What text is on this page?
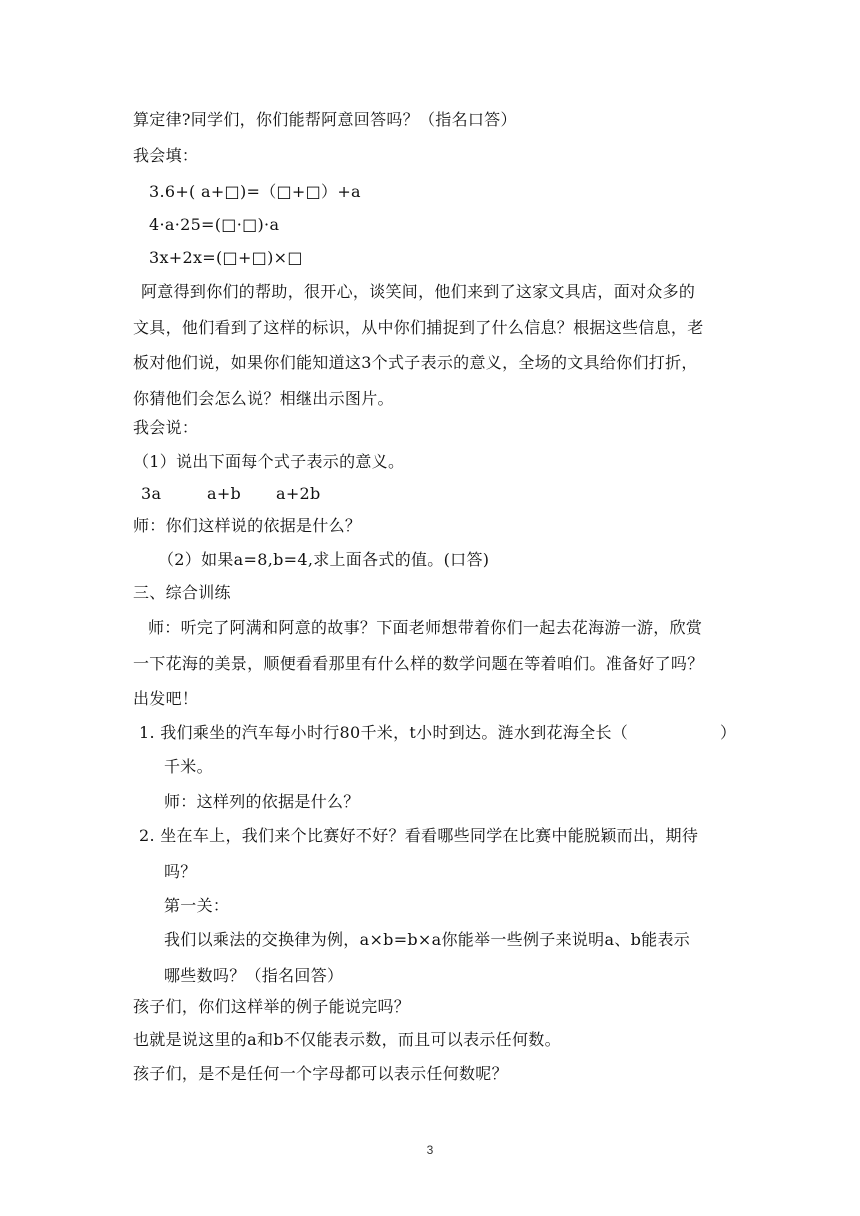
算定律?同学们，你们能帮阿意回答吗？（指名口答）
我会填：
3.6+( a+□)=（□+□）+a
4·a·25=(□·□)·a
3x+2x=(□+□)×□
阿意得到你们的帮助，很开心，谈笑间，他们来到了这家文具店，面对众多的
文具，他们看到了这样的标识，从中你们捕捉到了什么信息？根据这些信息，老
板对他们说，如果你们能知道这3个式子表示的意义，全场的文具给你们打折，
你猜他们会怎么说？相继出示图片。
我会说：
（1）说出下面每个式子表示的意义。
3a	a+b a+2b
师：你们这样说的依据是什么？
（2）如果a=8,b=4,求上面各式的值。(口答)
三、综合训练
师：听完了阿满和阿意的故事？下面老师想带着你们一起去花海游一游，欣赏
一下花海的美景，顺便看看那里有什么样的数学问题在等着咱们。准备好了吗？
出发吧！
1. 我们乘坐的汽车每小时行80千米，t小时到达。涟水到花海全长（	）
千米。
师：这样列的依据是什么？
2. 坐在车上，我们来个比赛好不好？看看哪些同学在比赛中能脱颖而出，期待
吗？
第一关：
我们以乘法的交换律为例，a×b=b×a你能举一些例子来说明a、b能表示
哪些数吗？（指名回答）
孩子们，你们这样举的例子能说完吗？
也就是说这里的a和b不仅能表示数，而且可以表示任何数。
孩子们，是不是任何一个字母都可以表示任何数呢？
3
